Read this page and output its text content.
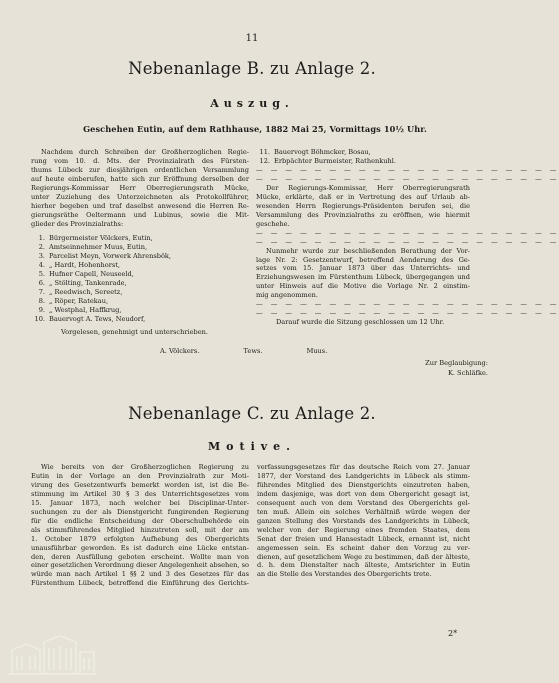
11
Nebenanlage B. zu Anlage 2.
Auszug.
Geschehen Eutin, auf dem Rathhause, 1882 Mai 25, Vormittags 10½ Uhr.
Nachdem durch Schreiben der Großherzoglichen Regie-
rung vom 10. d. Mts. der Provinzialrath des Fürsten-
thums Lübeck zur diesjährigen ordentlichen Versammlung
auf heute einberufen, hatte sich zur Eröffnung derselben der
Regierungs-Kommissar Herr Oberregierungsrath Mücke,
unter Zuziehung des Unterzeichneten als Protokollführer,
hierher begeben und traf daselbst anwesend die Herren Re-
gierungsräthe Oeltermann und Lubinus, sowie die Mit-
glieder des Provinzialraths:
1. Bürgermeister Völckers, Eutin,
2. Amtseinnehmer Muus, Eutin,
3. Parcelist Meyn, Vorwerk Ahrensbök,
4. „ Hardt, Hohenhorst,
5. Hufner Capell, Neuseeld,
6. „ Stölting, Tankenrade,
7. „ Reedwisch, Sereetz,
8. „ Röper, Ratekau,
9. „ Westphal, Haffkrug,
10. Bauervogt A. Tews, Neudorf,
Vorgelesen, genehmigt und unterschrieben.
11. Bauervogt Böhmcker, Bosau,
12. Erbpächter Burmeister, Rathenkuhl.
— — — — — — — — — — — — — — — — — — — — —
— — — — — — — — — — — — — — — — — — — — —
Der Regierungs-Kommissar, Herr Oberregierungsrath
Mücke, erklärte, daß er in Vertretung des auf Urlaub ab-
wesenden Herrn Regierungs-Präsidenten berufen sei, die
Versammlung des Provinzialraths zu eröffnen, wie hiermit
geschehe.
— — — — — — — — — — — — — — — — — — — — —
— — — — — — — — — — — — — — — — — — — — —
Nunmehr wurde zur beschließenden Berathung der Vor-
lage Nr. 2: Gesetzentwurf, betreffend Aenderung des Ge-
setzes vom 15. Januar 1873 über das Unterrichts- und
Erziehungswesen im Fürstenthum Lübeck, übergegangen und
unter Hinweis auf die Motive die Vorlage Nr. 2 einstim-
mig angenommen.
— — — — — — — — — — — — — — — — — — — — —
— — — — — — — — — — — — — — — — — — — — —
Darauf wurde die Sitzung geschlossen um 12 Uhr.
A. Völckers.	Tews.	Muus.
Zur Beglaubigung:
K. Schläfke.
Nebenanlage C. zu Anlage 2.
Motive.
Wie bereits von der Großherzoglichen Regierung zu
Eutin in der Vorlage an den Provinzialrath zur Moti-
virung des Gesetzentwurfs bemerkt worden ist, ist die Be-
stimmung im Artikel 30 § 3 des Unterrichtsgesetzes vom
15. Januar 1873, nach welcher bei Disciplinar-Unter-
suchungen zu der als Dienstgericht fungirenden Regierung
für die endliche Entscheidung der Oberschulbehörde ein
als stimmführendes Mitglied hinzutreten soll, mit der am
1. October 1879 erfolgten Aufhebung des Obergerichts
unausführbar geworden. Es ist dadurch eine Lücke entstan-
den, deren Ausfüllung geboten erscheint. Wollte man von
einer gesetzlichen Verordnung dieser Angelegenheit absehen, so
würde man nach Artikel 1 §§ 2 und 3 des Gesetzes für das
Fürstenthum Lübeck, betreffend die Einführung des Gerichts-
verfassungsgesetzes für das deutsche Reich vom 27. Januar
1877, der Vorstand des Landgerichts in Lübeck als stimm-
führendes Mitglied des Dienstgerichts einzutreten haben,
indem dasjenige, was dort von dem Obergericht gesagt ist,
consequent auch von dem Vorstand des Obergerichts gel-
ten muß. Allein ein solches Verhältniß würde wegen der
ganzen Stellung des Vorstands des Landgerichts in Lübeck,
welcher von der Regierung eines fremden Staates, dem
Senat der freien und Hansestadt Lübeck, ernannt ist, nicht
angemessen sein. Es scheint daher den Vorzug zu ver-
dienen, auf gesetzlichem Wege zu bestimmen, daß der älteste,
d. h. dem Dienstalter nach älteste, Amtsrichter in Eutin
an die Stelle des Vorstandes des Obergerichts trete.
2*
